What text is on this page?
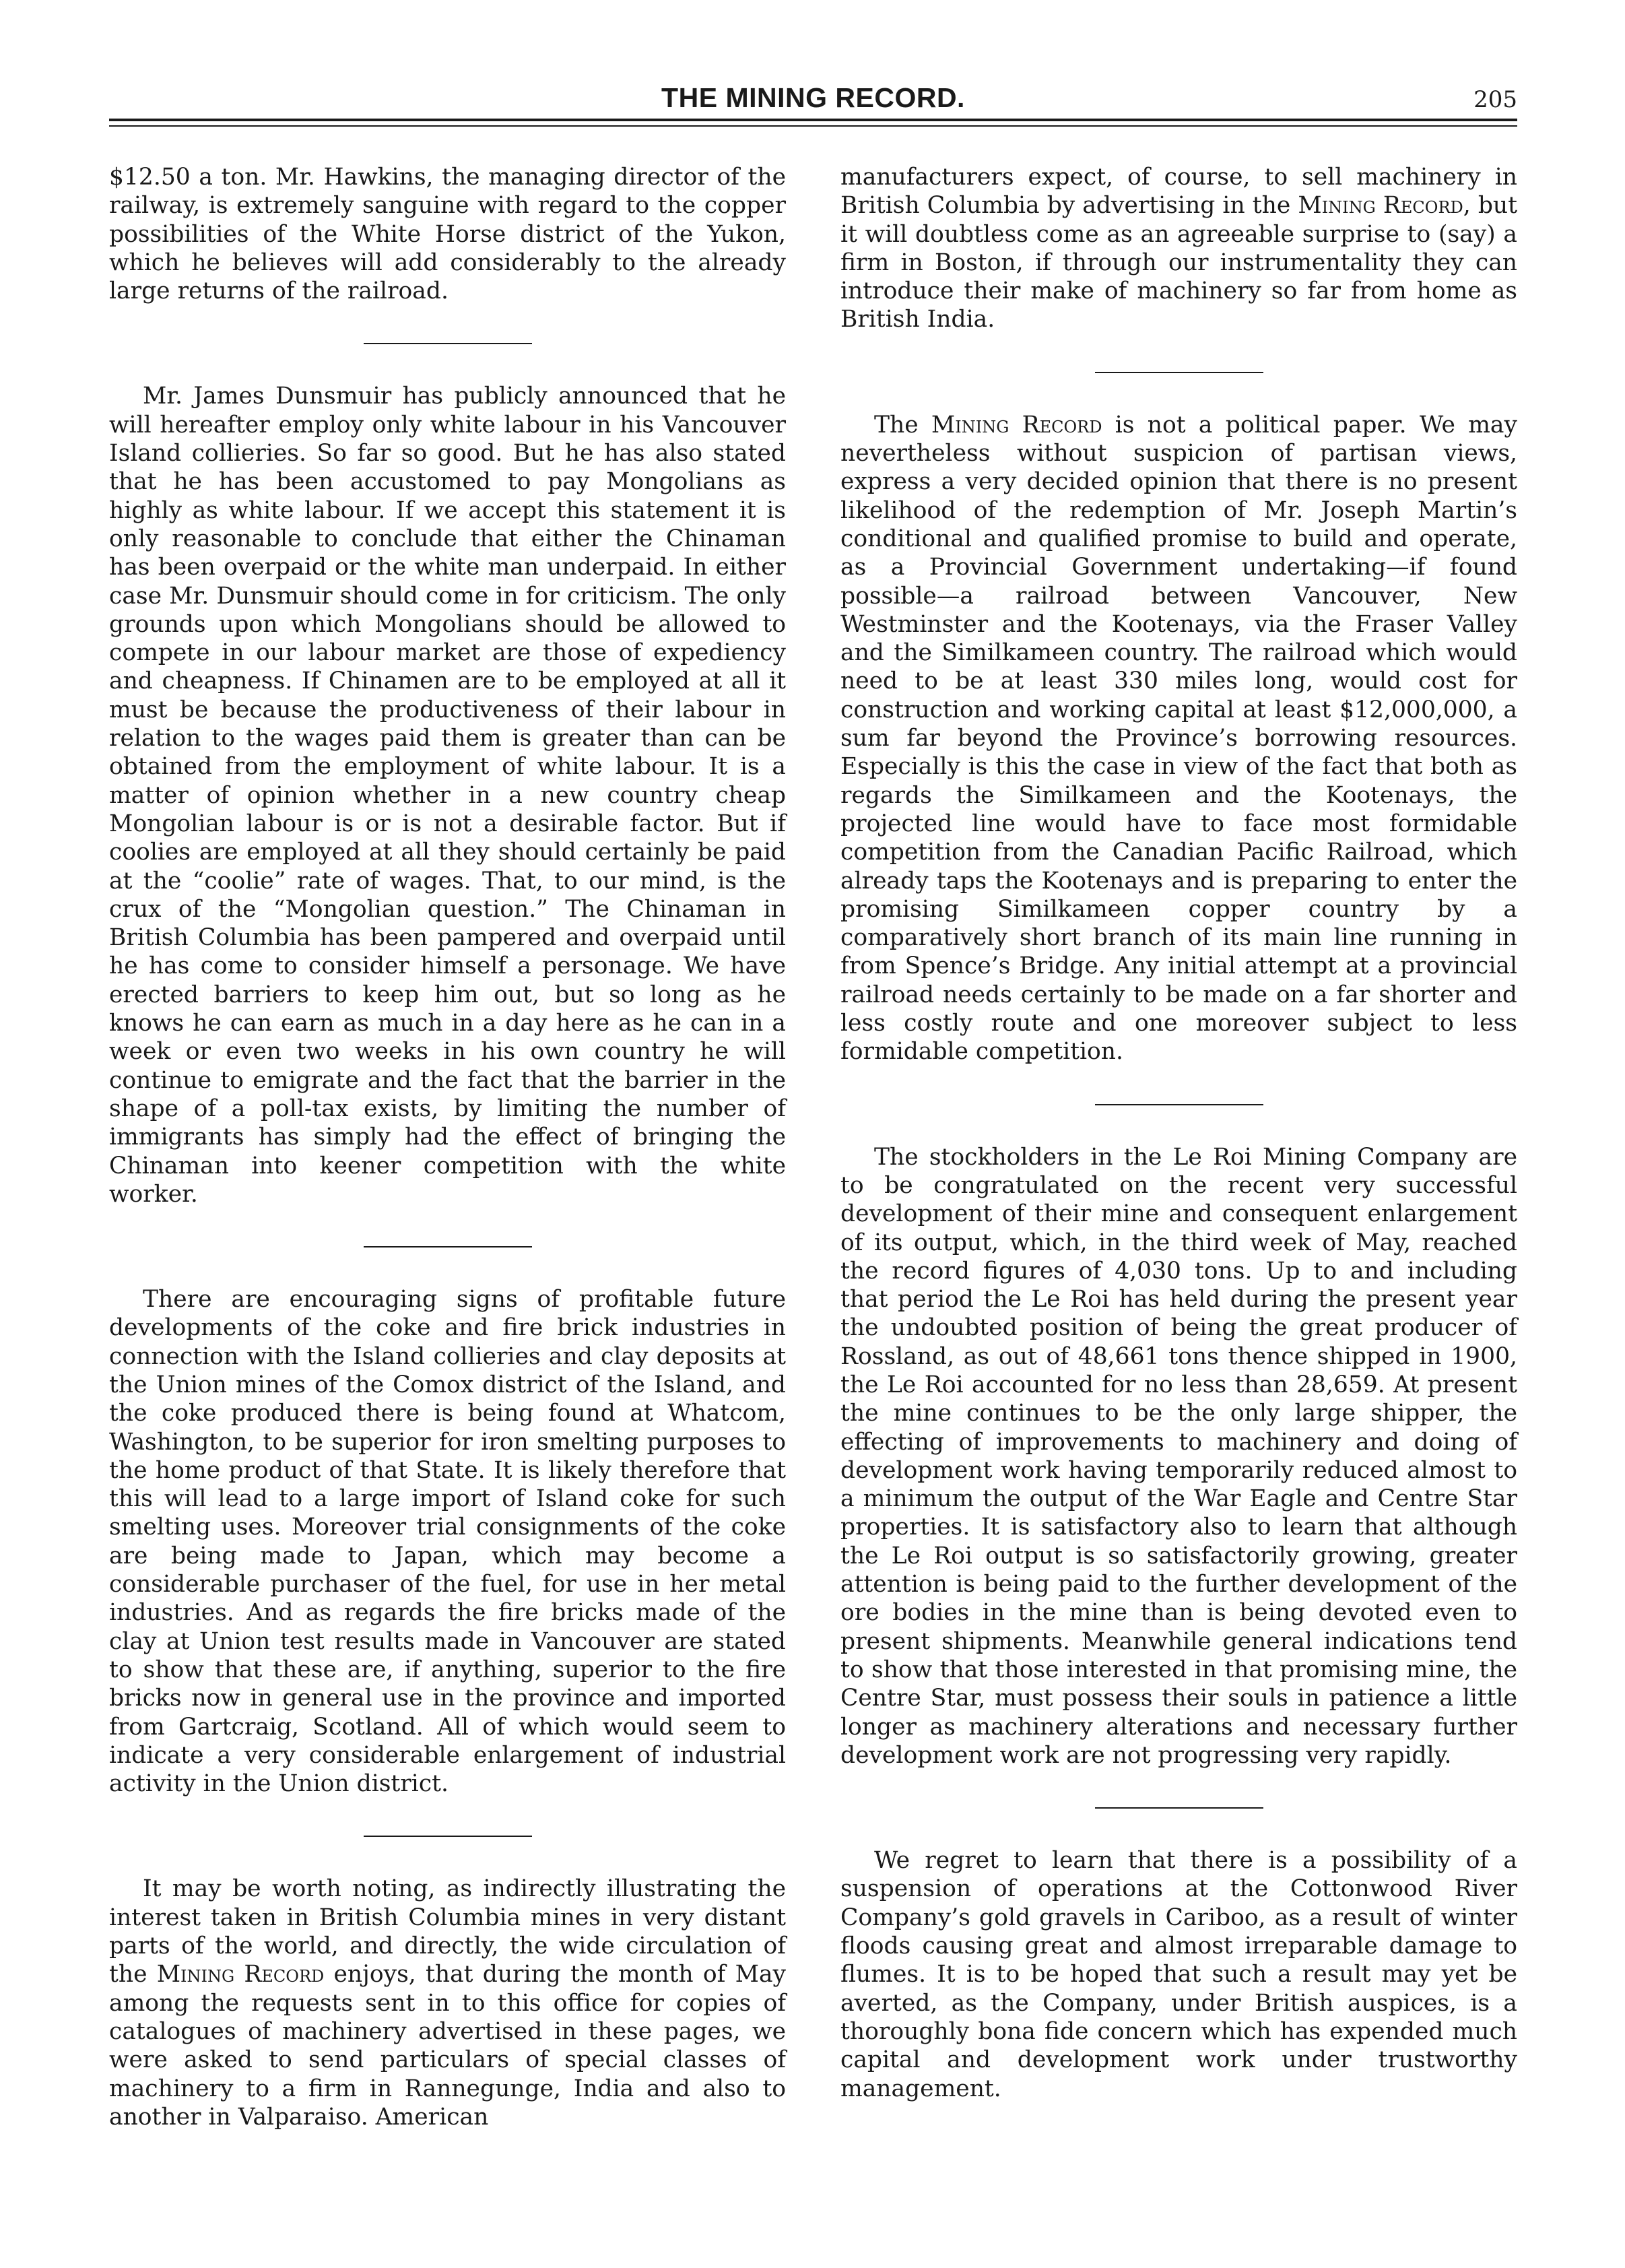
THE MINING RECORD.	205

$12.50 a ton. Mr. Hawkins, the managing director of the railway, is extremely sanguine with regard to the copper possibilities of the White Horse district of the Yukon, which he believes will add considerably to the already large returns of the railroad.

Mr. James Dunsmuir has publicly announced that he will hereafter employ only white labour in his Vancouver Island collieries. So far so good. But he has also stated that he has been accustomed to pay Mongolians as highly as white labour. If we accept this statement it is only reasonable to conclude that either the Chinaman has been overpaid or the white man underpaid. In either case Mr. Dunsmuir should come in for criticism. The only grounds upon which Mongolians should be allowed to compete in our labour market are those of expediency and cheapness. If Chinamen are to be employed at all it must be because the productiveness of their labour in relation to the wages paid them is greater than can be obtained from the employment of white labour. It is a matter of opinion whether in a new country cheap Mongolian labour is or is not a desirable factor. But if coolies are employed at all they should certainly be paid at the “coolie” rate of wages. That, to our mind, is the crux of the “Mongolian question.” The Chinaman in British Columbia has been pampered and overpaid until he has come to consider himself a personage. We have erected barriers to keep him out, but so long as he knows he can earn as much in a day here as he can in a week or even two weeks in his own country he will continue to emigrate and the fact that the barrier in the shape of a poll-tax exists, by limiting the number of immigrants has simply had the effect of bringing the Chinaman into keener competition with the white worker.

There are encouraging signs of profitable future developments of the coke and fire brick industries in connection with the Island collieries and clay deposits at the Union mines of the Comox district of the Island, and the coke produced there is being found at Whatcom, Washington, to be superior for iron smelting purposes to the home product of that State. It is likely therefore that this will lead to a large import of Island coke for such smelting uses. Moreover trial consignments of the coke are being made to Japan, which may become a considerable purchaser of the fuel, for use in her metal industries. And as regards the fire bricks made of the clay at Union test results made in Vancouver are stated to show that these are, if anything, superior to the fire bricks now in general use in the province and imported from Gartcraig, Scotland. All of which would seem to indicate a very considerable enlargement of industrial activity in the Union district.

It may be worth noting, as indirectly illustrating the interest taken in British Columbia mines in very distant parts of the world, and directly, the wide circulation of the Mining Record enjoys, that during the month of May among the requests sent in to this office for copies of catalogues of machinery advertised in these pages, we were asked to send particulars of special classes of machinery to a firm in Rannegunge, India and also to another in Valparaiso. American

manufacturers expect, of course, to sell machinery in British Columbia by advertising in the Mining Record, but it will doubtless come as an agreeable surprise to (say) a firm in Boston, if through our instrumentality they can introduce their make of machinery so far from home as British India.

The Mining Record is not a political paper. We may nevertheless without suspicion of partisan views, express a very decided opinion that there is no present likelihood of the redemption of Mr. Joseph Martin’s conditional and qualified promise to build and operate, as a Provincial Government undertaking—if found possible—a railroad between Vancouver, New Westminster and the Kootenays, via the Fraser Valley and the Similkameen country. The railroad which would need to be at least 330 miles long, would cost for construction and working capital at least $12,000,000, a sum far beyond the Province’s borrowing resources. Especially is this the case in view of the fact that both as regards the Similkameen and the Kootenays, the projected line would have to face most formidable competition from the Canadian Pacific Railroad, which already taps the Kootenays and is preparing to enter the promising Similkameen copper country by a comparatively short branch of its main line running in from Spence’s Bridge. Any initial attempt at a provincial railroad needs certainly to be made on a far shorter and less costly route and one moreover subject to less formidable competition.

The stockholders in the Le Roi Mining Company are to be congratulated on the recent very successful development of their mine and consequent enlargement of its output, which, in the third week of May, reached the record figures of 4,030 tons. Up to and including that period the Le Roi has held during the present year the undoubted position of being the great producer of Rossland, as out of 48,661 tons thence shipped in 1900, the Le Roi accounted for no less than 28,659. At present the mine continues to be the only large shipper, the effecting of improvements to machinery and doing of development work having temporarily reduced almost to a minimum the output of the War Eagle and Centre Star properties. It is satisfactory also to learn that although the Le Roi output is so satisfactorily growing, greater attention is being paid to the further development of the ore bodies in the mine than is being devoted even to present shipments. Meanwhile general indications tend to show that those interested in that promising mine, the Centre Star, must possess their souls in patience a little longer as machinery alterations and necessary further development work are not progressing very rapidly.

We regret to learn that there is a possibility of a suspension of operations at the Cottonwood River Company’s gold gravels in Cariboo, as a result of winter floods causing great and almost irreparable damage to flumes. It is to be hoped that such a result may yet be averted, as the Company, under British auspices, is a thoroughly bona fide concern which has expended much capital and development work under trustworthy management.
